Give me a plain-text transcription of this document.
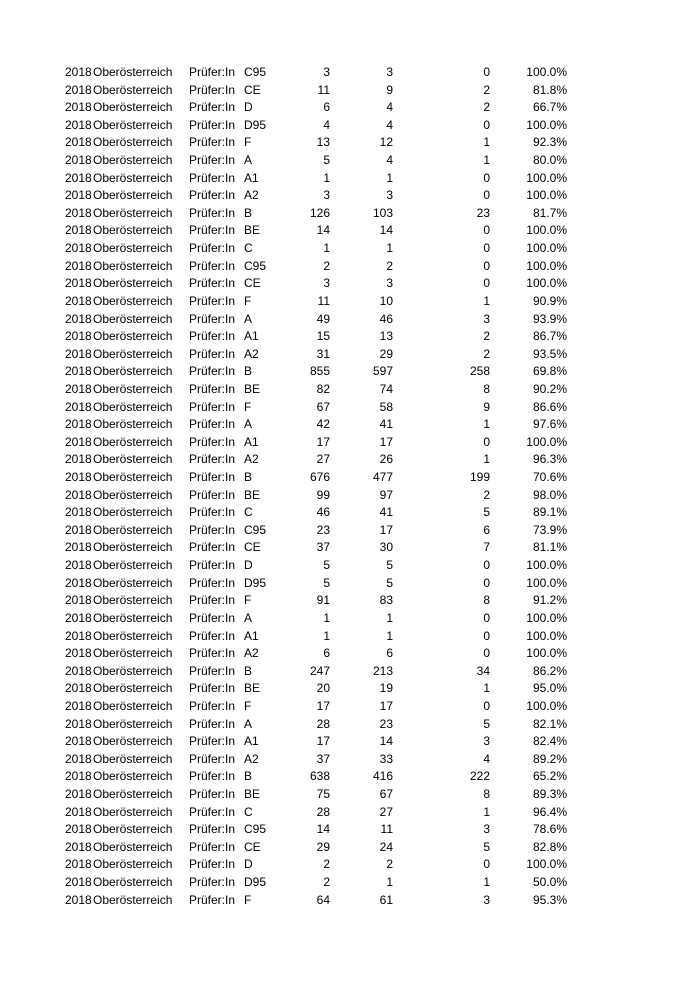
2018 Oberösterreich	Prüfer:In C95	3	3	0	100.0%
2018 Oberösterreich	Prüfer:In CE	11	9	2	81.8%
2018 Oberösterreich	Prüfer:In D	6	4	2	66.7%
2018 Oberösterreich	Prüfer:In D95	4	4	0	100.0%
2018 Oberösterreich	Prüfer:In F	13	12	1	92.3%
2018 Oberösterreich	Prüfer:In A	5	4	1	80.0%
2018 Oberösterreich	Prüfer:In A1	1	1	0	100.0%
2018 Oberösterreich	Prüfer:In A2	3	3	0	100.0%
2018 Oberösterreich	Prüfer:In B	126	103	23	81.7%
2018 Oberösterreich	Prüfer:In BE	14	14	0	100.0%
2018 Oberösterreich	Prüfer:In C	1	1	0	100.0%
2018 Oberösterreich	Prüfer:In C95	2	2	0	100.0%
2018 Oberösterreich	Prüfer:In CE	3	3	0	100.0%
2018 Oberösterreich	Prüfer:In F	11	10	1	90.9%
2018 Oberösterreich	Prüfer:In A	49	46	3	93.9%
2018 Oberösterreich	Prüfer:In A1	15	13	2	86.7%
2018 Oberösterreich	Prüfer:In A2	31	29	2	93.5%
2018 Oberösterreich	Prüfer:In B	855	597	258	69.8%
2018 Oberösterreich	Prüfer:In BE	82	74	8	90.2%
2018 Oberösterreich	Prüfer:In F	67	58	9	86.6%
2018 Oberösterreich	Prüfer:In A	42	41	1	97.6%
2018 Oberösterreich	Prüfer:In A1	17	17	0	100.0%
2018 Oberösterreich	Prüfer:In A2	27	26	1	96.3%
2018 Oberösterreich	Prüfer:In B	676	477	199	70.6%
2018 Oberösterreich	Prüfer:In BE	99	97	2	98.0%
2018 Oberösterreich	Prüfer:In C	46	41	5	89.1%
2018 Oberösterreich	Prüfer:In C95	23	17	6	73.9%
2018 Oberösterreich	Prüfer:In CE	37	30	7	81.1%
2018 Oberösterreich	Prüfer:In D	5	5	0	100.0%
2018 Oberösterreich	Prüfer:In D95	5	5	0	100.0%
2018 Oberösterreich	Prüfer:In F	91	83	8	91.2%
2018 Oberösterreich	Prüfer:In A	1	1	0	100.0%
2018 Oberösterreich	Prüfer:In A1	1	1	0	100.0%
2018 Oberösterreich	Prüfer:In A2	6	6	0	100.0%
2018 Oberösterreich	Prüfer:In B	247	213	34	86.2%
2018 Oberösterreich	Prüfer:In BE	20	19	1	95.0%
2018 Oberösterreich	Prüfer:In F	17	17	0	100.0%
2018 Oberösterreich	Prüfer:In A	28	23	5	82.1%
2018 Oberösterreich	Prüfer:In A1	17	14	3	82.4%
2018 Oberösterreich	Prüfer:In A2	37	33	4	89.2%
2018 Oberösterreich	Prüfer:In B	638	416	222	65.2%
2018 Oberösterreich	Prüfer:In BE	75	67	8	89.3%
2018 Oberösterreich	Prüfer:In C	28	27	1	96.4%
2018 Oberösterreich	Prüfer:In C95	14	11	3	78.6%
2018 Oberösterreich	Prüfer:In CE	29	24	5	82.8%
2018 Oberösterreich	Prüfer:In D	2	2	0	100.0%
2018 Oberösterreich	Prüfer:In D95	2	1	1	50.0%
2018 Oberösterreich	Prüfer:In F	64	61	3	95.3%
